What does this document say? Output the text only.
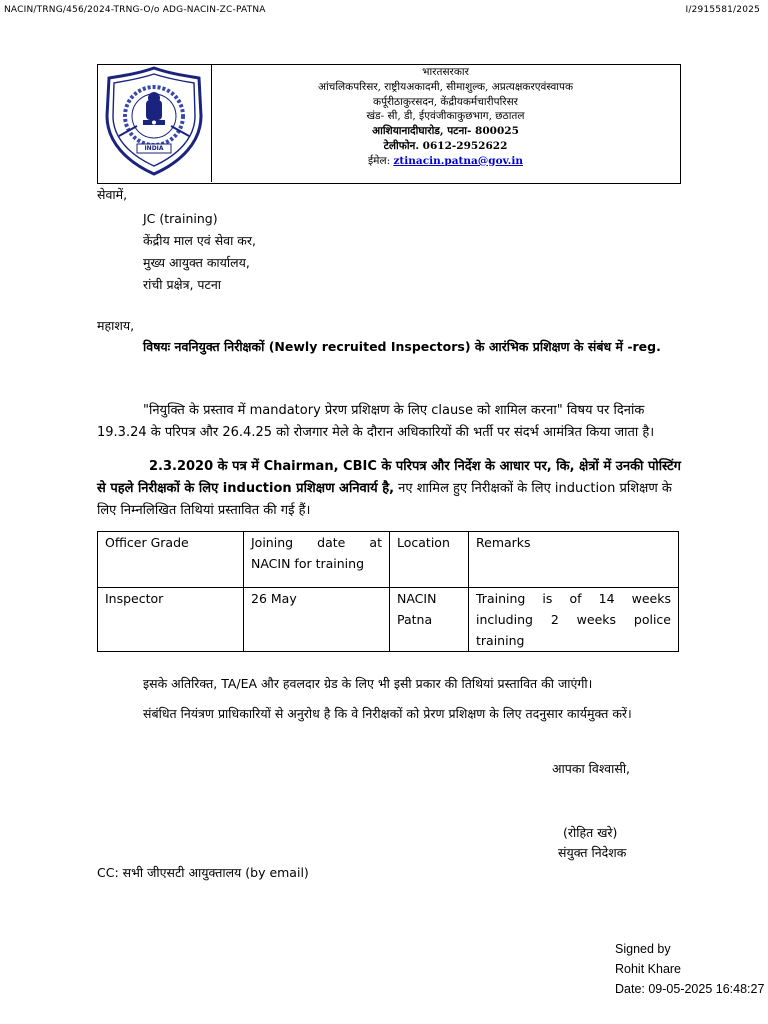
NACIN/TRNG/456/2024-TRNG-O/o ADG-NACIN-ZC-PATNA	I/2915581/2025
INDIA
भारतसरकार
आंचलिकपरिसर, राष्ट्रीयअकादमी, सीमाशुल्क, अप्रत्यक्षकरएवंस्वापक
कर्पूरीठाकुरसदन, केंद्रीयकर्मचारीपरिसर
खंड- सी, डी, ईएवंजीकाकुछभाग, छठातल
आशियानादीघारोड, पटना- 800025
टेलीफोन. 0612-2952622
ईमेल: ztinacin.patna@gov.in
सेवामें,
JC (training)
केंद्रीय माल एवं सेवा कर,
मुख्य आयुक्त कार्यालय,
रांची प्रक्षेत्र, पटना
महाशय,
विषयः नवनियुक्त निरीक्षकों (Newly recruited Inspectors) के आरंभिक प्रशिक्षण के संबंध में -reg.
"नियुक्ति के प्रस्ताव में mandatory प्रेरण प्रशिक्षण के लिए clause को शामिल करना" विषय पर दिनांक
19.3.24 के परिपत्र और 26.4.25 को रोजगार मेले के दौरान अधिकारियों की भर्ती पर संदर्भ आमंत्रित किया जाता है।
2.3.2020 के पत्र में Chairman, CBIC के परिपत्र और निर्देश के आधार पर, कि, क्षेत्रों में उनकी पोस्टिंग
से पहले निरीक्षकों के लिए induction प्रशिक्षण अनिवार्य है, नए शामिल हुए निरीक्षकों के लिए induction प्रशिक्षण के
लिए निम्नलिखित तिथियां प्रस्तावित की गई हैं।
Officer Grade	Joining date at NACIN for training	Location	Remarks
Inspector	26 May	NACIN Patna	Training is of 14 weeks including 2 weeks police training
इसके अतिरिक्त, TA/EA और हवलदार ग्रेड के लिए भी इसी प्रकार की तिथियां प्रस्तावित की जाएंगी।
संबंधित नियंत्रण प्राधिकारियों से अनुरोध है कि वे निरीक्षकों को प्रेरण प्रशिक्षण के लिए तदनुसार कार्यमुक्त करें।
आपका विश्वासी,
(रोहित खरे)
संयुक्त निदेशक
CC: सभी जीएसटी आयुक्तालय (by email)
Signed by
Rohit Khare
Date: 09-05-2025 16:48:27
